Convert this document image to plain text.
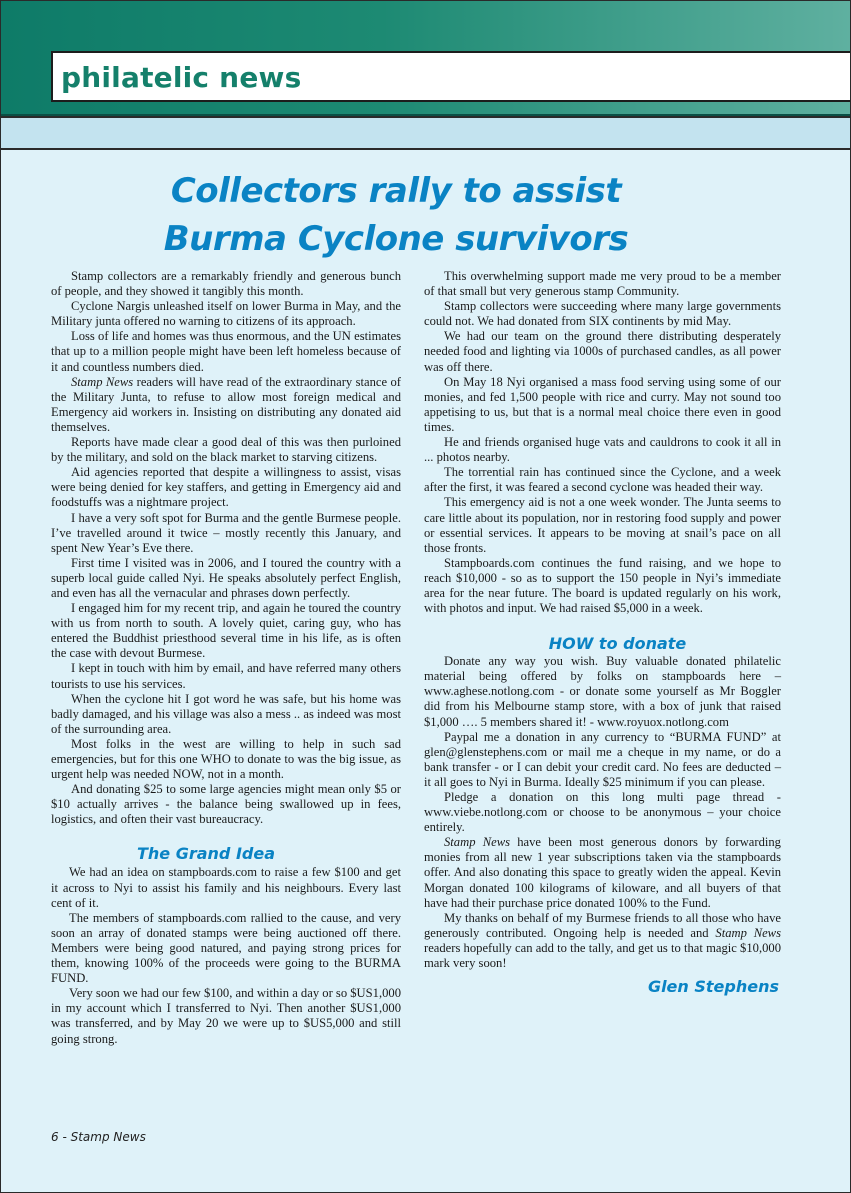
philatelic news
Collectors rally to assist
Burma Cyclone survivors

Stamp collectors are a remarkably friendly and generous bunch of people, and they showed it tangibly this month.

Cyclone Nargis unleashed itself on lower Burma in May, and the Military junta offered no warning to citizens of its approach.

Loss of life and homes was thus enormous, and the UN estimates that up to a million people might have been left homeless because of it and countless numbers died.

Stamp News readers will have read of the extraordinary stance of the Military Junta, to refuse to allow most foreign medical and Emergency aid workers in. Insisting on distributing any donated aid themselves.

Reports have made clear a good deal of this was then purloined by the military, and sold on the black market to starving citizens.

Aid agencies reported that despite a willingness to assist, visas were being denied for key staffers, and getting in Emergency aid and foodstuffs was a nightmare project.

I have a very soft spot for Burma and the gentle Burmese people. I’ve travelled around it twice – mostly recently this January, and spent New Year’s Eve there.

First time I visited was in 2006, and I toured the country with a superb local guide called Nyi. He speaks absolutely perfect English, and even has all the vernacular and phrases down perfectly.

I engaged him for my recent trip, and again he toured the country with us from north to south. A lovely quiet, caring guy, who has entered the Buddhist priesthood several time in his life, as is often the case with devout Burmese.

I kept in touch with him by email, and have referred many others tourists to use his services.

When the cyclone hit I got word he was safe, but his home was badly damaged, and his village was also a mess .. as indeed was most of the surrounding area.

Most folks in the west are willing to help in such sad emergencies, but for this one WHO to donate to was the big issue, as urgent help was needed NOW, not in a month.

And donating $25 to some large agencies might mean only $5 or $10 actually arrives - the balance being swallowed up in fees, logistics, and often their vast bureaucracy.

The Grand Idea

We had an idea on stampboards.com to raise a few $100 and get it across to Nyi to assist his family and his neighbours. Every last cent of it.

The members of stampboards.com rallied to the cause, and very soon an array of donated stamps were being auctioned off there. Members were being good natured, and paying strong prices for them, knowing 100% of the proceeds were going to the BURMA FUND.

Very soon we had our few $100, and within a day or so $US1,000 in my account which I transferred to Nyi. Then another $US1,000 was transferred, and by May 20 we were up to $US5,000 and still going strong.

This overwhelming support made me very proud to be a member of that small but very generous stamp Community.

Stamp collectors were succeeding where many large governments could not. We had donated from SIX continents by mid May.

We had our team on the ground there distributing desperately needed food and lighting via 1000s of purchased candles, as all power was off there.

On May 18 Nyi organised a mass food serving using some of our monies, and fed 1,500 people with rice and curry. May not sound too appetising to us, but that is a normal meal choice there even in good times.

He and friends organised huge vats and cauldrons to cook it all in ... photos nearby.

The torrential rain has continued since the Cyclone, and a week after the first, it was feared a second cyclone was headed their way.

This emergency aid is not a one week wonder. The Junta seems to care little about its population, nor in restoring food supply and power or essential services. It appears to be moving at snail’s pace on all those fronts.

Stampboards.com continues the fund raising, and we hope to reach $10,000 - so as to support the 150 people in Nyi’s immediate area for the near future. The board is updated regularly on his work, with photos and input. We had raised $5,000 in a week.

HOW to donate

Donate any way you wish. Buy valuable donated philatelic material being offered by folks on stampboards here – www.aghese.notlong.com - or donate some yourself as Mr Boggler did from his Melbourne stamp store, with a box of junk that raised $1,000 …. 5 members shared it! - www.royuox.notlong.com

Paypal me a donation in any currency to “BURMA FUND” at glen@glenstephens.com or mail me a cheque in my name, or do a bank transfer - or I can debit your credit card. No fees are deducted – it all goes to Nyi in Burma. Ideally $25 minimum if you can please.

Pledge a donation on this long multi page thread - www.viebe.notlong.com or choose to be anonymous – your choice entirely.

Stamp News have been most generous donors by forwarding monies from all new 1 year subscriptions taken via the stampboards offer. And also donating this space to greatly widen the appeal. Kevin Morgan donated 100 kilograms of kiloware, and all buyers of that have had their purchase price donated 100% to the Fund.

My thanks on behalf of my Burmese friends to all those who have generously contributed. Ongoing help is needed and Stamp News readers hopefully can add to the tally, and get us to that magic $10,000 mark very soon!

Glen Stephens
6 - Stamp News
